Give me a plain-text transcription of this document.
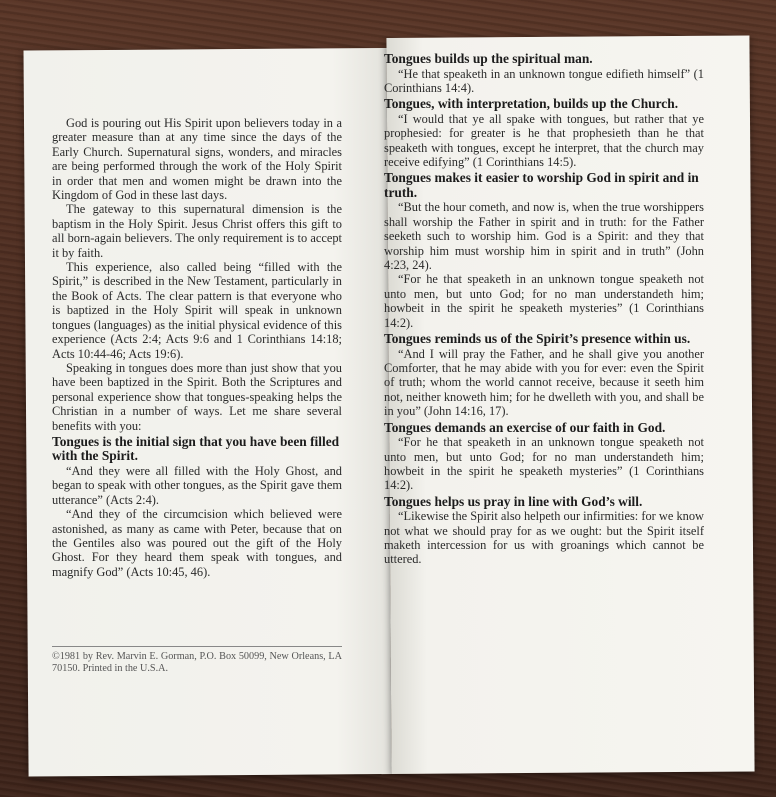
God is pouring out His Spirit upon believers today in a greater measure than at any time since the days of the Early Church. Supernatural signs, wonders, and miracles are being performed through the work of the Holy Spirit in order that men and women might be drawn into the Kingdom of God in these last days.

The gateway to this supernatural dimension is the baptism in the Holy Spirit. Jesus Christ offers this gift to all born-again believers. The only requirement is to accept it by faith.

This experience, also called being “filled with the Spirit,” is described in the New Testament, particularly in the Book of Acts. The clear pattern is that everyone who is baptized in the Holy Spirit will speak in unknown tongues (languages) as the initial physical evidence of this experience (Acts 2:4; Acts 9:6 and 1 Corinthians 14:18; Acts 10:44-46; Acts 19:6).

Speaking in tongues does more than just show that you have been baptized in the Spirit. Both the Scriptures and personal experience show that tongues-speaking helps the Christian in a number of ways. Let me share several benefits with you:

Tongues is the initial sign that you have been filled with the Spirit.

“And they were all filled with the Holy Ghost, and began to speak with other tongues, as the Spirit gave them utterance” (Acts 2:4).

“And they of the circumcision which believed were astonished, as many as came with Peter, because that on the Gentiles also was poured out the gift of the Holy Ghost. For they heard them speak with tongues, and magnify God” (Acts 10:45, 46).

©1981 by Rev. Marvin E. Gorman, P.O. Box 50099, New Orleans, LA 70150. Printed in the U.S.A.
Tongues builds up the spiritual man.

“He that speaketh in an unknown tongue edifieth himself” (1 Corinthians 14:4).

Tongues, with interpretation, builds up the Church.

“I would that ye all spake with tongues, but rather that ye prophesied: for greater is he that prophesieth than he that speaketh with tongues, except he interpret, that the church may receive edifying” (1 Corinthians 14:5).

Tongues makes it easier to worship God in spirit and in truth.

“But the hour cometh, and now is, when the true worshippers shall worship the Father in spirit and in truth: for the Father seeketh such to worship him. God is a Spirit: and they that worship him must worship him in spirit and in truth” (John 4:23, 24).

“For he that speaketh in an unknown tongue speaketh not unto men, but unto God; for no man understandeth him; howbeit in the spirit he speaketh mysteries” (1 Corinthians 14:2).

Tongues reminds us of the Spirit’s presence within us.

“And I will pray the Father, and he shall give you another Comforter, that he may abide with you for ever: even the Spirit of truth; whom the world cannot receive, because it seeth him not, neither knoweth him; for he dwelleth with you, and shall be in you” (John 14:16, 17).

Tongues demands an exercise of our faith in God.

“For he that speaketh in an unknown tongue speaketh not unto men, but unto God; for no man understandeth him; howbeit in the spirit he speaketh mysteries” (1 Corinthians 14:2).

Tongues helps us pray in line with God’s will.

“Likewise the Spirit also helpeth our infirmities: for we know not what we should pray for as we ought: but the Spirit itself maketh intercession for us with groanings which cannot be uttered.
